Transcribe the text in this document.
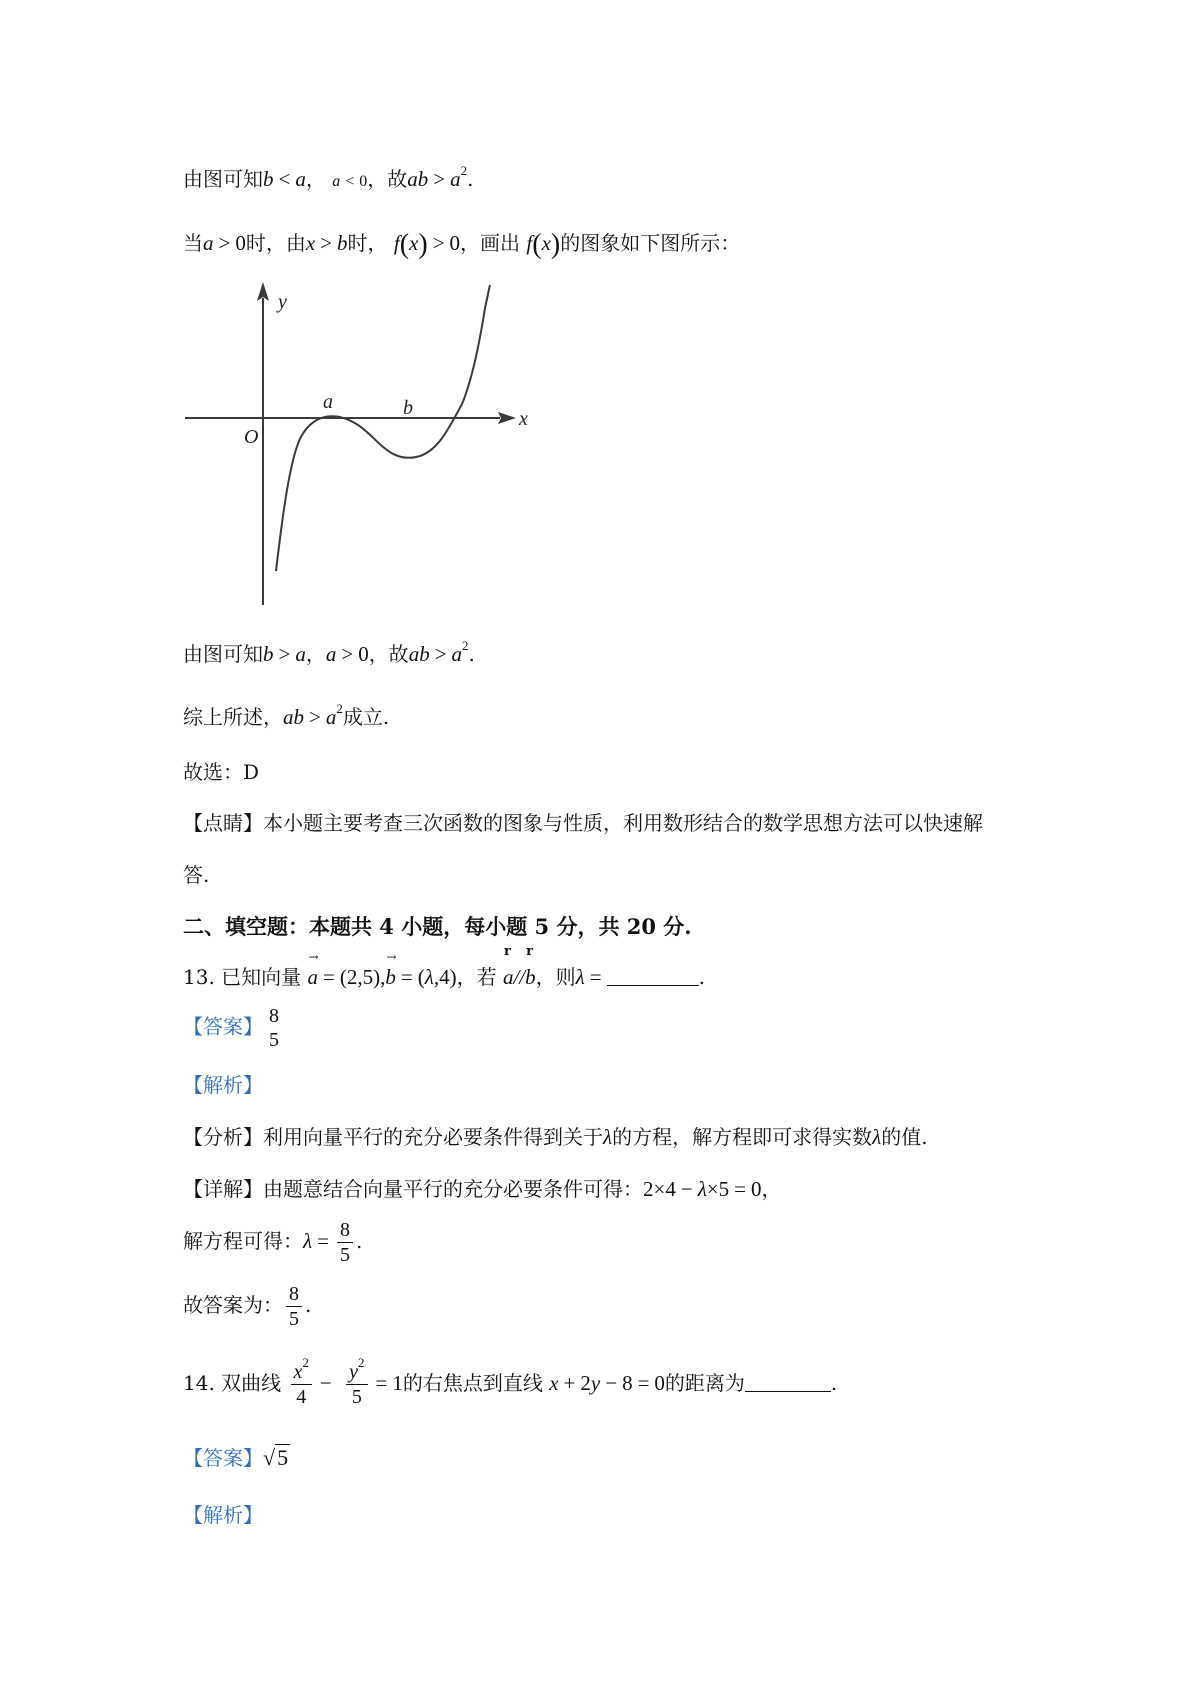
由图可知b < a， a < 0，故ab > $a^2$.
当a > 0时，由x > b时， f(x) > 0，画出 f(x)的图象如下图所示：
y
x
O
a	b
由图可知b > a，a > 0，故ab > $a^2$.
综上所述，ab > $a^2$成立.
故选：D
【点睛】本小题主要考查三次函数的图象与性质，利用数形结合的数学思想方法可以快速解
答.
二、填空题：本题共 4 小题，每小题 5 分，共 20 分.
13. 已知向量
→
a = (2,5),
→
b = (λ,4)，若
r
a//
r
b，则λ =	.
【答案】 8
5
【解析】
【分析】利用向量平行的充分必要条件得到关于λ的方程，解方程即可求得实数λ的值.
【详解】由题意结合向量平行的充分必要条件可得：2×4 − λ×5 = 0，
解方程可得：$\lambda = \frac{8}{5}$ .
故答案为： $\frac{8}{5}$ .
14. 双曲线 $\frac{x^2}{4} - \frac{y^2}{5} = 1$的右焦点到直线 x + 2y − 8 = 0的距离为	.
【答案】√5
【解析】
